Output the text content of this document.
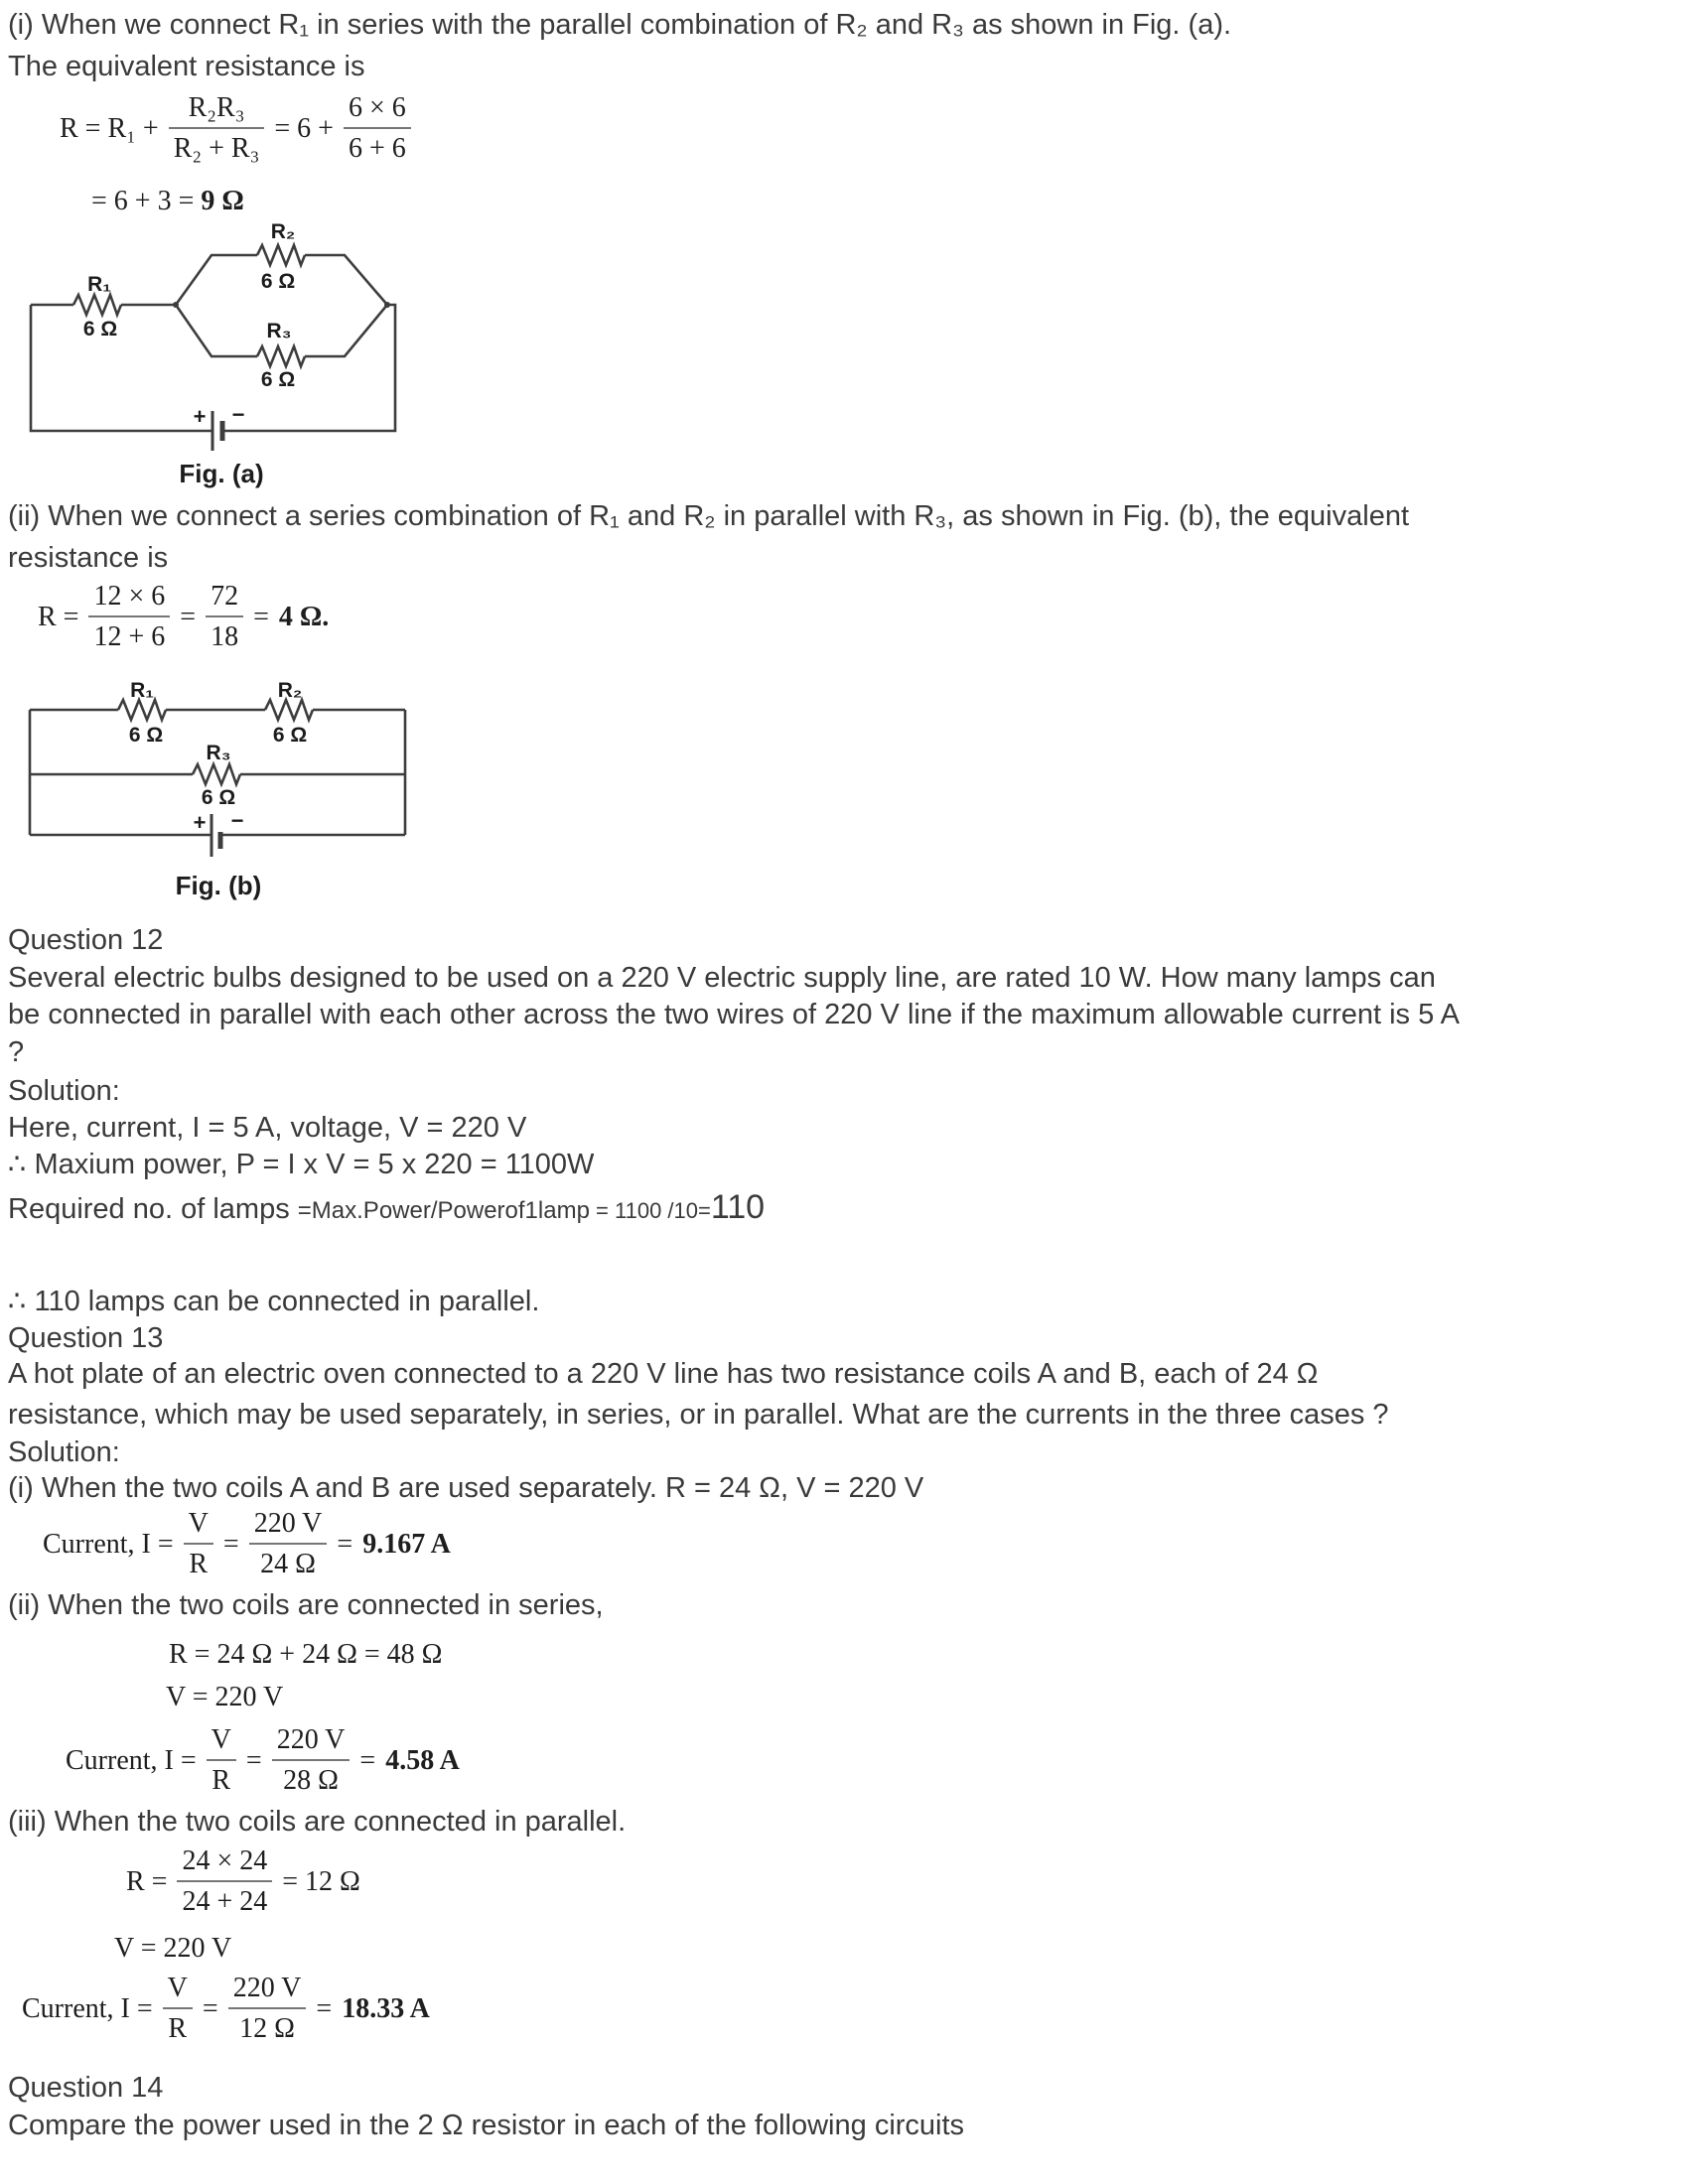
(i) When we connect R₁ in series with the parallel combination of R₂ and R₃ as shown in Fig. (a).
The equivalent resistance is
$R = R_1 + \frac{\text{R₂R₃}}{\text{R₂ + R₃}} = 6 + \frac{6 \times 6}{6 + 6}$
= 6 + 3 = 9 Ω
R₁
6 Ω
R₂
6 Ω
R₃
6 Ω
+ −
Fig. (a)
(ii) When we connect a series combination of R₁ and R₂ in parallel with R₃, as shown in Fig. (b), the equivalent
resistance is
$R = \frac{12 \times 6}{12 + 6} = \frac{72}{18} = 4$ Ω.
R₁
6 Ω
R₂
6 Ω
R₃
6 Ω
+ −
Fig. (b)
Question 12
Several electric bulbs designed to be used on a 220 V electric supply line, are rated 10 W. How many lamps can
be connected in parallel with each other across the two wires of 220 V line if the maximum allowable current is 5 A
?
Solution:
Here, current, I = 5 A, voltage, V = 220 V
∴ Maxium power, P = I x V = 5 x 220 = 1100W
Required no. of lamps =Max.Power/Powerof1lamp = 1100 /10=110
∴ 110 lamps can be connected in parallel.
Question 13
A hot plate of an electric oven connected to a 220 V line has two resistance coils A and B, each of 24 Ω
resistance, which may be used separately, in series, or in parallel. What are the currents in the three cases ?
Solution:
(i) When the two coils A and B are used separately. R = 24 Ω, V = 220 V
Current, $I = \frac{V}{R} = \frac{220 V}{24 \Omega} = 9.167$ A
(ii) When the two coils are connected in series,
R = 24 Ω + 24 Ω = 48 Ω
V = 220 V
Current, $I = \frac{V}{R} = \frac{220 V}{28 \Omega} = 4.58$ A
(iii) When the two coils are connected in parallel.
$R = \frac{24 \times 24}{24 + 24} = 12$ Ω
V = 220 V
Current, $I = \frac{V}{R} = \frac{220 V}{12 \Omega} = 18.33$ A
Question 14
Compare the power used in the 2 Ω resistor in each of the following circuits
